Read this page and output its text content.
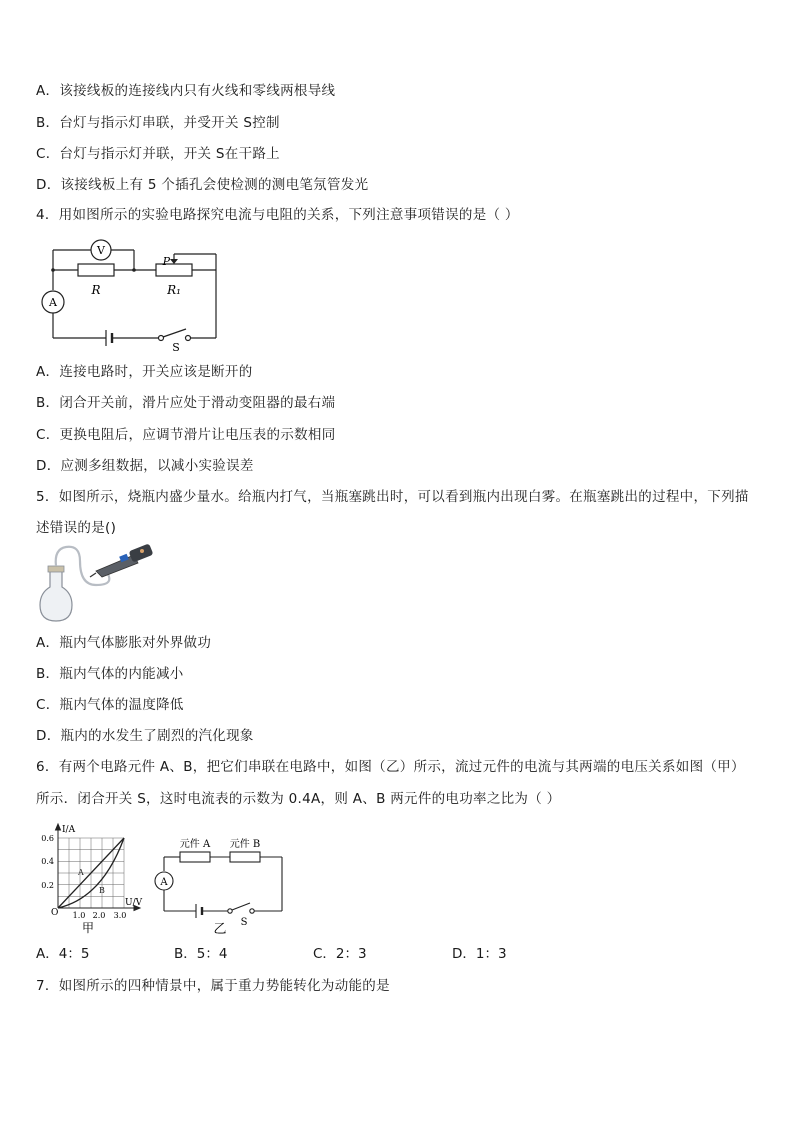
A．该接线板的连接线内只有火线和零线两根导线
B．台灯与指示灯串联，并受开关 S控制
C．台灯与指示灯并联，开关 S在干路上
D．该接线板上有 5 个插孔会使检测的测电笔氖管发光
4．用如图所示的实验电路探究电流与电阻的关系，下列注意事项错误的是（ ）
V
A
R	R₁
P
S
A．连接电路时，开关应该是断开的
B．闭合开关前，滑片应处于滑动变阻器的最右端
C．更换电阻后，应调节滑片让电压表的示数相同
D．应测多组数据，以减小实验误差
5．如图所示，烧瓶内盛少量水。给瓶内打气，当瓶塞跳出时，可以看到瓶内出现白雾。在瓶塞跳出的过程中，下列描
述错误的是()
A．瓶内气体膨胀对外界做功
B．瓶内气体的内能减小
C．瓶内气体的温度降低
D．瓶内的水发生了剧烈的汽化现象
6．有两个电路元件 A、B，把它们串联在电路中，如图（乙）所示，流过元件的电流与其两端的电压关系如图（甲）
所示．闭合开关 S，这时电流表的示数为 0.4A，则 A、B 两元件的电功率之比为（ ）
I/A
U/V
0.6
0.4
0.2
O 1.0 2.0 3.0
A
B
甲
A
元件 A 元件 B
S
乙
A．4：5	B．5：4	C．2：3	D．1：3
7．如图所示的四种情景中，属于重力势能转化为动能的是
